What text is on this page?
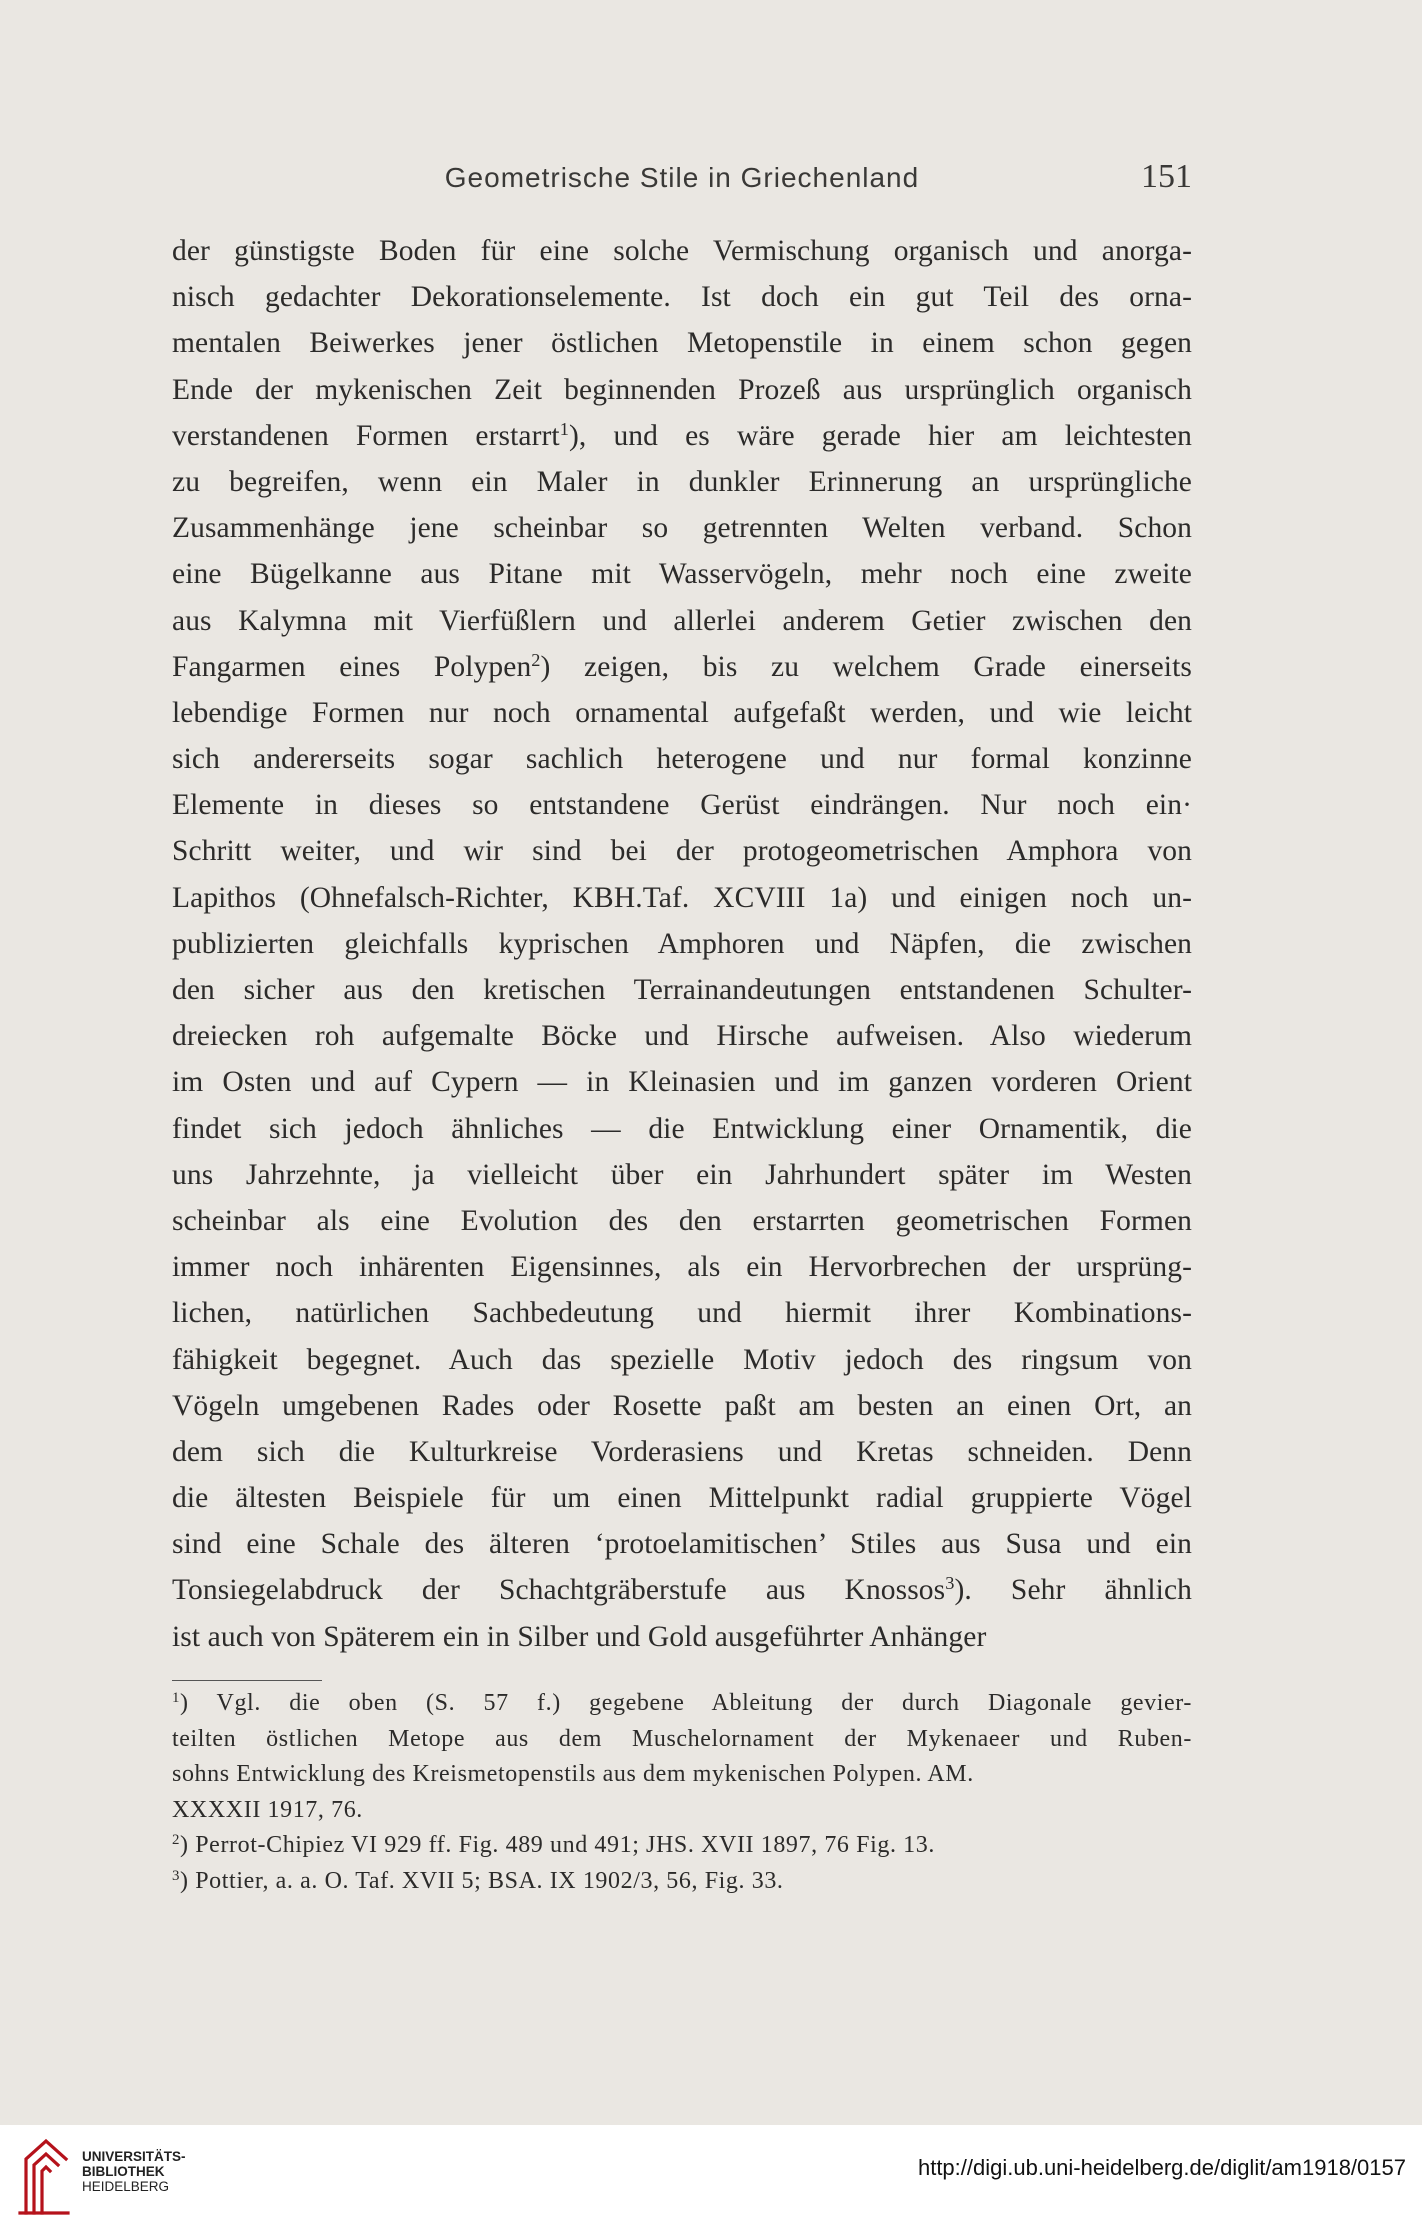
Geometrische Stile in Griechenland	151
der günstigste Boden für eine solche Vermischung organisch und anorga-
nisch gedachter Dekorationselemente. Ist doch ein gut Teil des orna-
mentalen Beiwerkes jener östlichen Metopenstile in einem schon gegen
Ende der mykenischen Zeit beginnenden Prozeß aus ursprünglich organisch
verstandenen Formen erstarrt$^1$), und es wäre gerade hier am leichtesten
zu begreifen, wenn ein Maler in dunkler Erinnerung an ursprüngliche
Zusammenhänge jene scheinbar so getrennten Welten verband. Schon
eine Bügelkanne aus Pitane mit Wasservögeln, mehr noch eine zweite
aus Kalymna mit Vierfüßlern und allerlei anderem Getier zwischen den
Fangarmen eines Polypen$^2$) zeigen, bis zu welchem Grade einerseits
lebendige Formen nur noch ornamental aufgefaßt werden, und wie leicht
sich andererseits sogar sachlich heterogene und nur formal konzinne
Elemente in dieses so entstandene Gerüst eindrängen. Nur noch ein·
Schritt weiter, und wir sind bei der protogeometrischen Amphora von
Lapithos (Ohnefalsch-Richter, KBH.Taf. XCVIII 1a) und einigen noch un-
publizierten gleichfalls kyprischen Amphoren und Näpfen, die zwischen
den sicher aus den kretischen Terrainandeutungen entstandenen Schulter-
dreiecken roh aufgemalte Böcke und Hirsche aufweisen. Also wiederum
im Osten und auf Cypern — in Kleinasien und im ganzen vorderen Orient
findet sich jedoch ähnliches — die Entwicklung einer Ornamentik, die
uns Jahrzehnte, ja vielleicht über ein Jahrhundert später im Westen
scheinbar als eine Evolution des den erstarrten geometrischen Formen
immer noch inhärenten Eigensinnes, als ein Hervorbrechen der ursprüng-
lichen, natürlichen Sachbedeutung und hiermit ihrer Kombinations-
fähigkeit begegnet. Auch das spezielle Motiv jedoch des ringsum von
Vögeln umgebenen Rades oder Rosette paßt am besten an einen Ort, an
dem sich die Kulturkreise Vorderasiens und Kretas schneiden. Denn
die ältesten Beispiele für um einen Mittelpunkt radial gruppierte Vögel
sind eine Schale des älteren ‘protoelamitischen’ Stiles aus Susa und ein
Tonsiegelabdruck der Schachtgräberstufe aus Knossos$^3$). Sehr ähnlich
ist auch von Späterem ein in Silber und Gold ausgeführter Anhänger
$^1$) Vgl. die oben (S. 57 f.) gegebene Ableitung der durch Diagonale gevier-
teilten östlichen Metope aus dem Muschelornament der Mykenaeer und Ruben-
sohns Entwicklung des Kreismetopenstils aus dem mykenischen Polypen. AM.
XXXXII 1917, 76.
$^2$) Perrot-Chipiez VI 929 ff. Fig. 489 und 491; JHS. XVII 1897, 76 Fig. 13.
$^3$) Pottier, a. a. O. Taf. XVII 5; BSA. IX 1902/3, 56, Fig. 33.
UNIVERSITÄTS-
BIBLIOTHEK
HEIDELBERG
http://digi.ub.uni-heidelberg.de/diglit/am1918/0157
